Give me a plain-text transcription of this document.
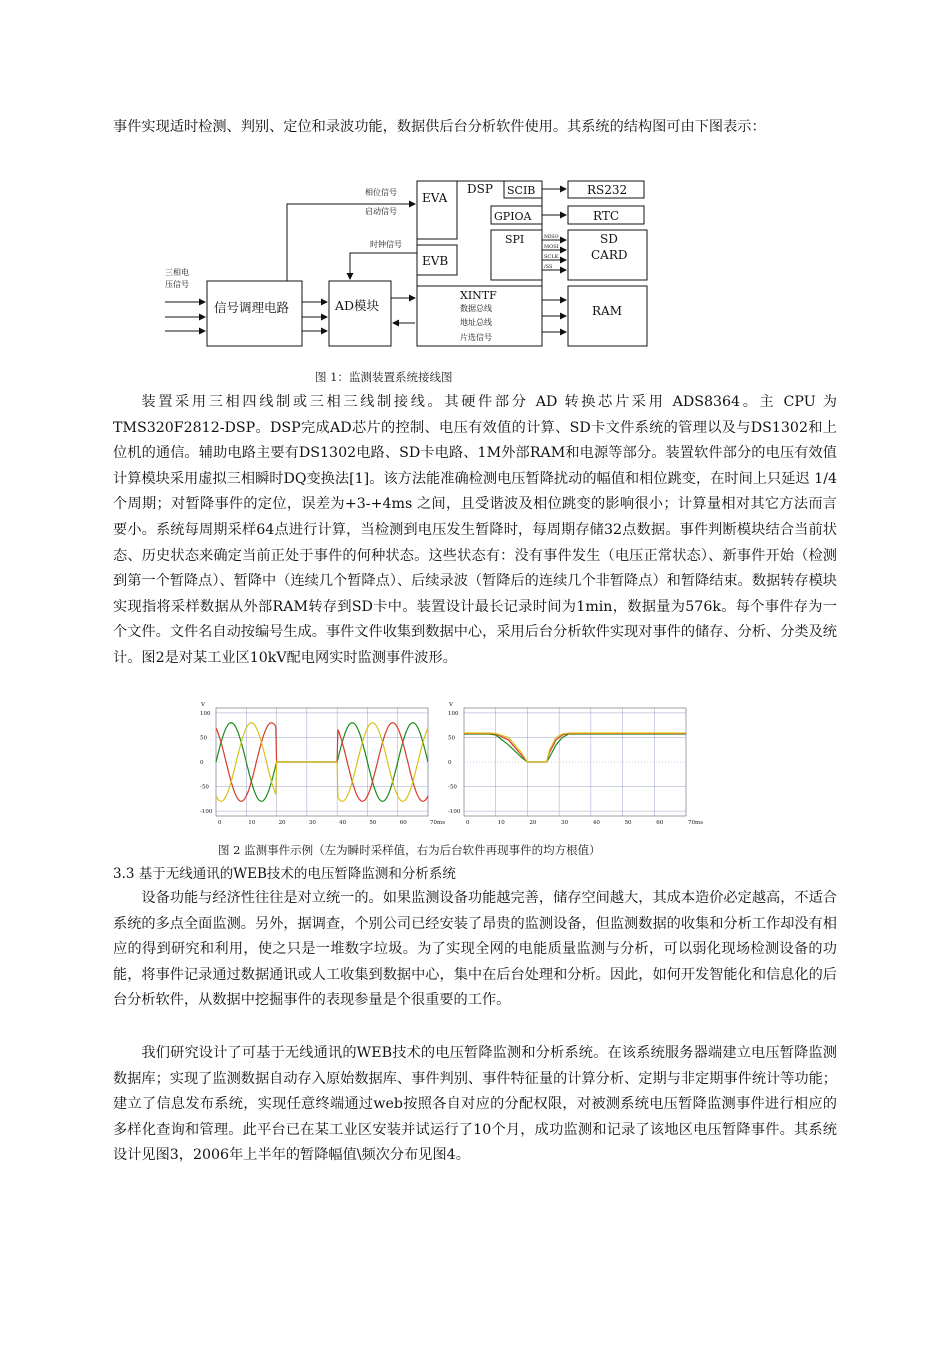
事件实现适时检测、判别、定位和录波功能，数据供后台分析软件使用。其系统的结构图可由下图表示：

三相电
压信号
信号调理电路	AD模块
EVA
EVB
DSP SCIB
GPIOA
SPI
XINTF
数据总线
地址总线
片选信号
RS232
RTC
SD
CARD
RAM
相位信号
启动信号
时钟信号
MISO
MOSI
SCLK
/SS
图 1：监测装置系统接线图

装置采用三相四线制或三相三线制接线。其硬件部分 AD 转换芯片采用 ADS8364。主 CPU 为TMS320F2812-DSP。DSP完成AD芯片的控制、电压有效值的计算、SD卡文件系统的管理以及与DS1302和上位机的通信。辅助电路主要有DS1302电路、SD卡电路、1M外部RAM和电源等部分。装置软件部分的电压有效值计算模块采用虚拟三相瞬时DQ变换法[1]。该方法能准确检测电压暂降扰动的幅值和相位跳变，在时间上只延迟 1/4 个周期；对暂降事件的定位，误差为+3-+4ms 之间，且受谐波及相位跳变的影响很小；计算量相对其它方法而言要小。系统每周期采样64点进行计算，当检测到电压发生暂降时，每周期存储32点数据。事件判断模块结合当前状态、历史状态来确定当前正处于事件的何种状态。这些状态有：没有事件发生（电压正常状态）、新事件开始（检测到第一个暂降点）、暂降中（连续几个暂降点）、后续录波（暂降后的连续几个非暂降点）和暂降结束。数据转存模块实现指将采样数据从外部RAM转存到SD卡中。装置设计最长记录时间为1min，数据量为576k。每个事件存为一个文件。文件名自动按编号生成。事件文件收集到数据中心，采用后台分析软件实现对事件的储存、分析、分类及统计。图2是对某工业区10kV配电网实时监测事件波形。

0	10	20	30	40	50	60	70ms
100
50
0
-50
-100
V
0	10	20	30	40	50	60	70ms
100
50
0
-50
-100
V
图 2 监测事件示例（左为瞬时采样值，右为后台软件再现事件的均方根值）
3.3 基于无线通讯的WEB技术的电压暂降监测和分析系统

设备功能与经济性往往是对立统一的。如果监测设备功能越完善，储存空间越大，其成本造价必定越高，不适合系统的多点全面监测。另外，据调查，个别公司已经安装了昂贵的监测设备，但监测数据的收集和分析工作却没有相应的得到研究和利用，使之只是一堆数字垃圾。为了实现全网的电能质量监测与分析，可以弱化现场检测设备的功能，将事件记录通过数据通讯或人工收集到数据中心，集中在后台处理和分析。因此，如何开发智能化和信息化的后台分析软件，从数据中挖掘事件的表现参量是个很重要的工作。

我们研究设计了可基于无线通讯的WEB技术的电压暂降监测和分析系统。在该系统服务器端建立电压暂降监测数据库；实现了监测数据自动存入原始数据库、事件判别、事件特征量的计算分析、定期与非定期事件统计等功能；建立了信息发布系统，实现任意终端通过web按照各自对应的分配权限，对被测系统电压暂降监测事件进行相应的多样化查询和管理。此平台已在某工业区安装并试运行了10个月，成功监测和记录了该地区电压暂降事件。其系统设计见图3，2006年上半年的暂降幅值\频次分布见图4。
